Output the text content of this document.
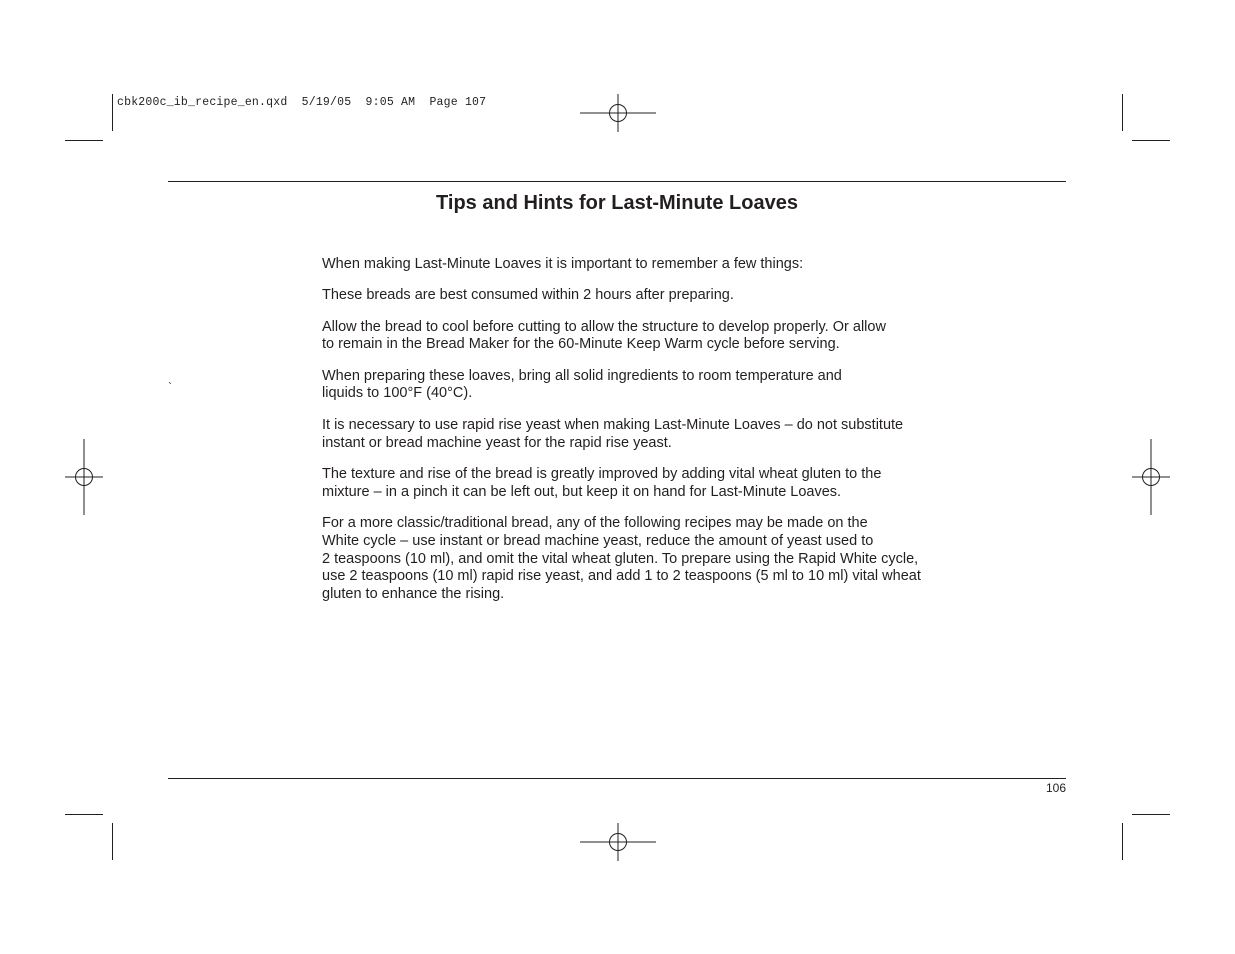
cbk200c_ib_recipe_en.qxd  5/19/05  9:05 AM  Page 107
Tips and Hints for Last-Minute Loaves
`

When making Last-Minute Loaves it is important to remember a few things:

These breads are best consumed within 2 hours after preparing.

Allow the bread to cool before cutting to allow the structure to develop properly. Or allow
to remain in the Bread Maker for the 60-Minute Keep Warm cycle before serving.

When preparing these loaves, bring all solid ingredients to room temperature and
liquids to 100°F (40°C).

It is necessary to use rapid rise yeast when making Last-Minute Loaves – do not substitute
instant or bread machine yeast for the rapid rise yeast.

The texture and rise of the bread is greatly improved by adding vital wheat gluten to the
mixture – in a pinch it can be left out, but keep it on hand for Last-Minute Loaves.

For a more classic/traditional bread, any of the following recipes may be made on the
White cycle – use instant or bread machine yeast, reduce the amount of yeast used to
2 teaspoons (10 ml), and omit the vital wheat gluten. To prepare using the Rapid White cycle,
use 2 teaspoons (10 ml) rapid rise yeast, and add 1 to 2 teaspoons (5 ml to 10 ml) vital wheat
gluten to enhance the rising.

106
